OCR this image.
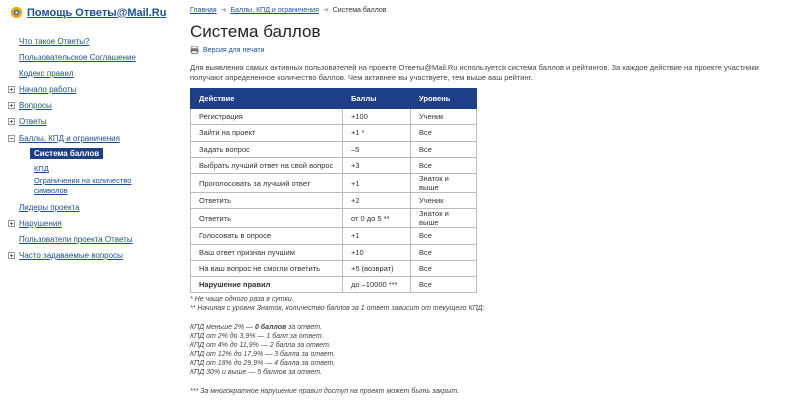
Помощь Ответы@Mail.Ru
Что такое Ответы?
Пользовательское Соглашение
Кодекс правил
Начало работы
Вопросы
Ответы
Баллы, КПД и ограничения
Система баллов
КПД
Ограничения на количество
символов
Лидеры проекта
Нарушения
Пользователи проекта Ответы
Часто задаваемые вопросы
Главная ➔ Баллы, КПД и ограничения ➔ Система баллов
Система баллов
Версия для печати
Для выявления самых активных пользователей на проекте Ответы@Mail.Ru используется система баллов и рейтингов. За каждое действие на проекте участники
получают определенное количество баллов. Чем активнее вы участвуете, тем выше ваш рейтинг.
Действие	Баллы	Уровень
Регистрация	+100	Ученик
Зайти на проект	+1 *	Все
Задать вопрос	–5	Все
Выбрать лучший ответ на свой вопрос	+3	Все
Проголосовать за лучший ответ	+1	Знаток и выше
Ответить	+2	Ученик
Ответить	от 0 до 5 **	Знаток и выше
Голосовать в опросе	+1	Все
Ваш ответ признан лучшим	+10	Все
На ваш вопрос не смогли ответить	+5 (возврат)	Все
Нарушение правил	до –10000 ***	Все
* Не чаще одного раза в сутки.
** Начиная с уровня Знаток, количество баллов за 1 ответ зависит от текущего КПД:
КПД меньше 2% — 0 баллов за ответ.
КПД от 2% до 3,9% — 1 балл за ответ.
КПД от 4% до 11,9% — 2 балла за ответ.
КПД от 12% до 17,9% — 3 балла за ответ.
КПД от 18% до 29,9% — 4 балла за ответ.
КПД 30% и выше — 5 баллов за ответ.
*** За многократное нарушение правил доступ на проект может быть закрыт.
